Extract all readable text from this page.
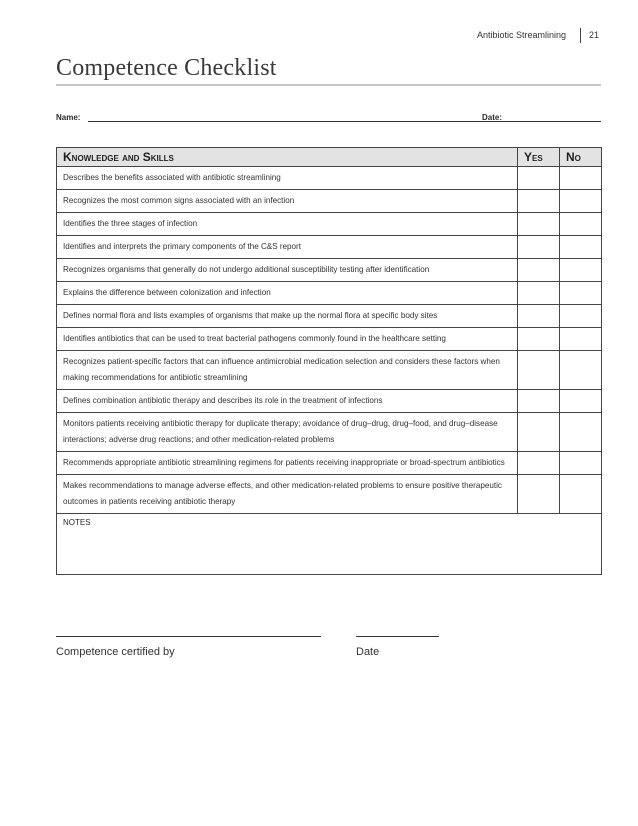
Antibiotic Streamlining	21
Competence Checklist
Name:	Date:
Knowledge and Skills	Yes	No
Describes the benefits associated with antibiotic streamlining		
Recognizes the most common signs associated with an infection		
Identifies the three stages of infection		
Identifies and interprets the primary components of the C&S report		
Recognizes organisms that generally do not undergo additional susceptibility testing after identification		
Explains the difference between colonization and infection		
Defines normal flora and lists examples of organisms that make up the normal flora at specific body sites		
Identifies antibiotics that can be used to treat bacterial pathogens commonly found in the healthcare setting		
Recognizes patient-specific factors that can influence antimicrobial medication selection and considers these factors when making recommendations for antibiotic streamlining		
Defines combination antibiotic therapy and describes its role in the treatment of infections		
Monitors patients receiving antibiotic therapy for duplicate therapy; avoidance of drug–drug, drug–food, and drug–disease interactions; adverse drug reactions; and other medication-related problems		
Recommends appropriate antibiotic streamlining regimens for patients receiving inappropriate or broad-spectrum antibiotics		
Makes recommendations to manage adverse effects, and other medication-related problems to ensure positive therapeutic outcomes in patients receiving antibiotic therapy		
NOTES		
Competence certified by	Date
